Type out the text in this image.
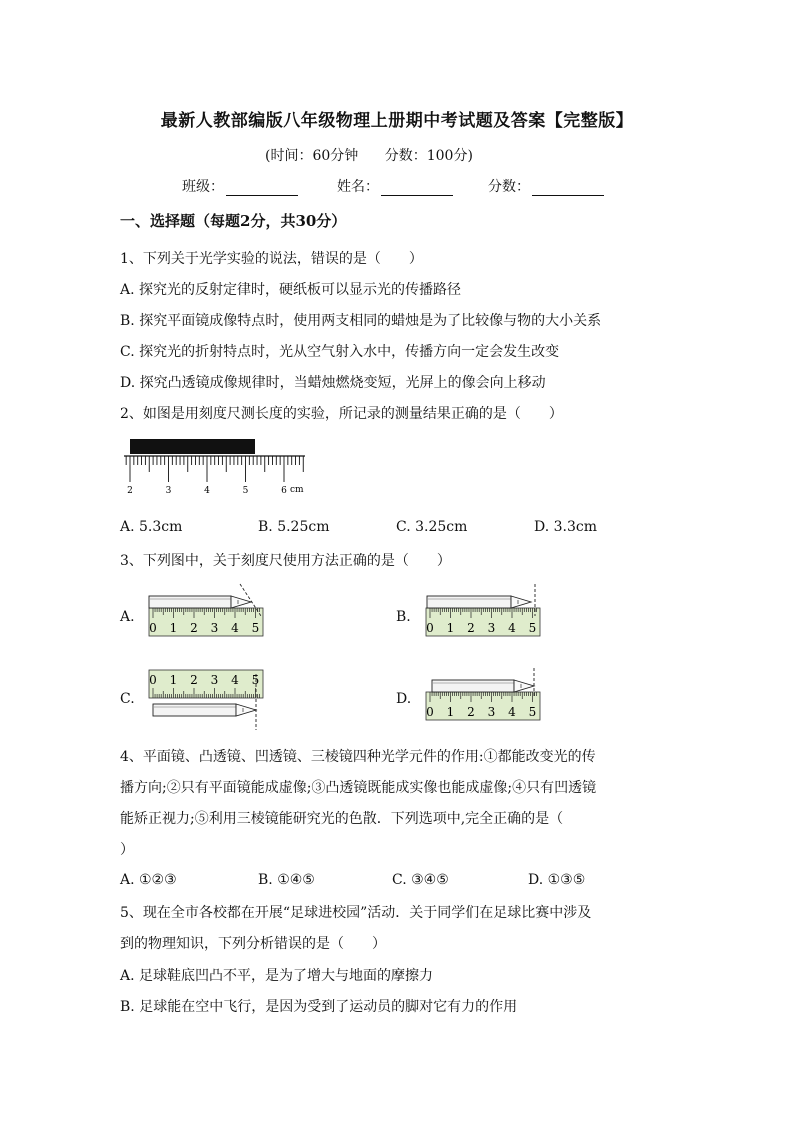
最新人教部编版八年级物理上册期中考试题及答案【完整版】
(时间：60分钟 分数：100分)
班级：	姓名：	分数：
一、选择题（每题2分，共30分）
1、下列关于光学实验的说法，错误的是（　　）
A. 探究光的反射定律时，硬纸板可以显示光的传播路径
B. 探究平面镜成像特点时，使用两支相同的蜡烛是为了比较像与物的大小关系
C. 探究光的折射特点时，光从空气射入水中，传播方向一定会发生改变
D. 探究凸透镜成像规律时，当蜡烛燃烧变短，光屏上的像会向上移动
2、如图是用刻度尺测长度的实验，所记录的测量结果正确的是（　　）
2	3	4	5	6 cm
A. 5.3cm	B. 5.25cm	C. 3.25cm	D. 3.3cm
3、下列图中，关于刻度尺使用方法正确的是（　　）
A.	B.
C.	D.
0 1 2 3 4 5	0 1 2 3 4 5
0 1 2 3 4 5
0 1 2 3 4 5
4、平面镜、凸透镜、凹透镜、三棱镜四种光学元件的作用:①都能改变光的传
播方向;②只有平面镜能成虚像;③凸透镜既能成实像也能成虚像;④只有凹透镜
能矫正视力;⑤利用三棱镜能研究光的色散．下列选项中,完全正确的是（
）
A. ①②③	B. ①④⑤	C. ③④⑤	D. ①③⑤
5、现在全市各校都在开展“足球进校园”活动．关于同学们在足球比赛中涉及
到的物理知识，下列分析错误的是（　　）
A. 足球鞋底凹凸不平，是为了增大与地面的摩擦力
B. 足球能在空中飞行，是因为受到了运动员的脚对它有力的作用
